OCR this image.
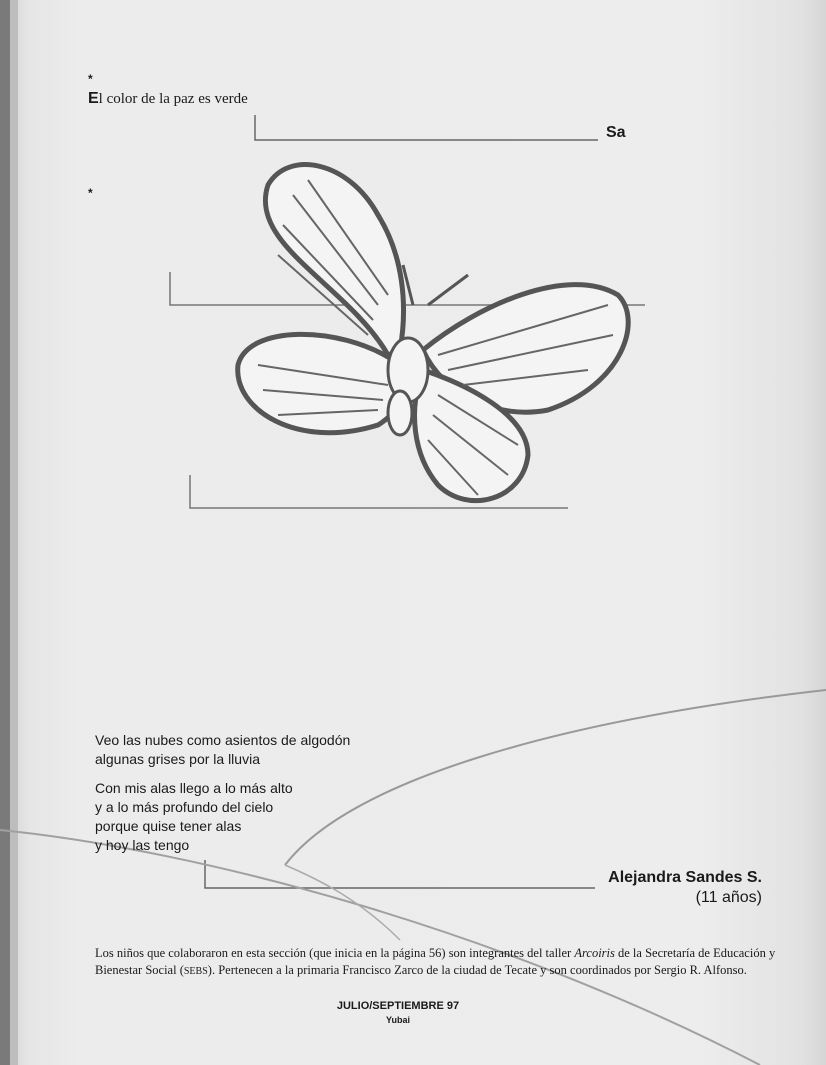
*
El color de la paz es verde
Sa
*
Veo las nubes como asientos de algodón
algunas grises por la lluvia
Con mis alas llego a lo más alto
y a lo más profundo del cielo
porque quise tener alas
y hoy las tengo
Alejandra Sandes S.
(11 años)
Los niños que colaboraron en esta sección (que inicia en la página 56) son integrantes del taller Arcoiris de la Secretaría de Educación y Bienestar Social (SEBS). Pertenecen a la primaria Francisco Zarco de la ciudad de Tecate y son coordinados por Sergio R. Alfonso.
JULIO/SEPTIEMBRE 97
Yubai
